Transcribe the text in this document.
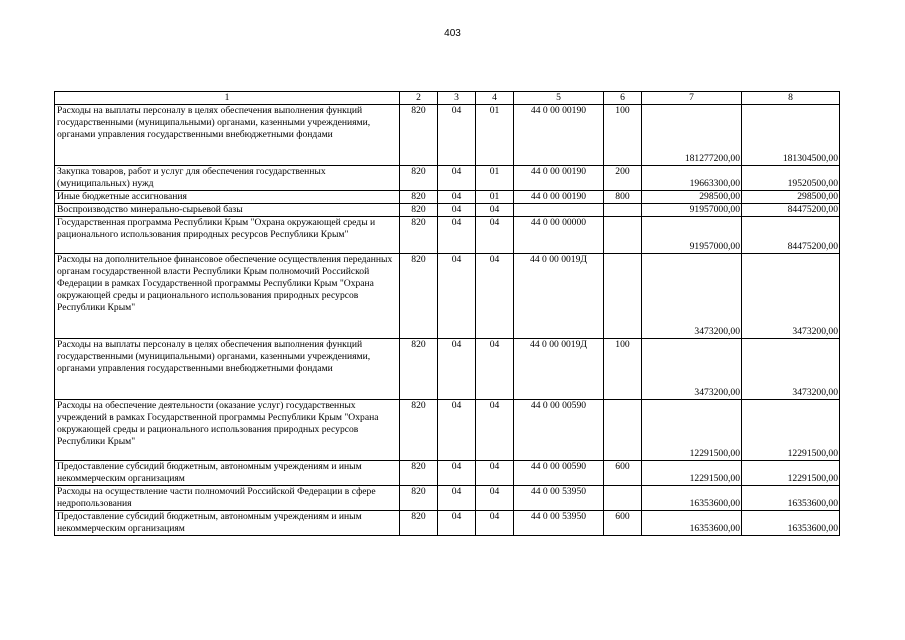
403
1	2	3	4	5	6	7	8
Расходы на выплаты персоналу в целях обеспечения выполнения функций государственными (муниципальными) органами, казенными учреждениями, органами управления государственными внебюджетными фондами	820	04	01	44 0 00 00190	100	181277200,00	181304500,00
Закупка товаров, работ и услуг для обеспечения государственных (муниципальных) нужд	820	04	01	44 0 00 00190	200	19663300,00	19520500,00
Иные бюджетные ассигнования	820	04	01	44 0 00 00190	800	298500,00	298500,00
Воспроизводство минерально-сырьевой базы	820	04	04			91957000,00	84475200,00
Государственная программа Республики Крым "Охрана окружающей среды и рационального использования природных ресурсов Республики Крым"	820	04	04	44 0 00 00000		91957000,00	84475200,00
Расходы на дополнительное финансовое обеспечение осуществления переданных органам государственной власти Республики Крым полномочий Российской Федерации в рамках Государственной программы Республики Крым "Охрана окружающей среды и рационального использования природных ресурсов Республики Крым"	820	04	04	44 0 00 0019Д		3473200,00	3473200,00
Расходы на выплаты персоналу в целях обеспечения выполнения функций государственными (муниципальными) органами, казенными учреждениями, органами управления государственными внебюджетными фондами	820	04	04	44 0 00 0019Д	100	3473200,00	3473200,00
Расходы на обеспечение деятельности (оказание услуг) государственных учреждений в рамках Государственной программы Республики Крым "Охрана окружающей среды и рационального использования природных ресурсов Республики Крым"	820	04	04	44 0 00 00590		12291500,00	12291500,00
Предоставление субсидий бюджетным, автономным учреждениям и иным некоммерческим организациям	820	04	04	44 0 00 00590	600	12291500,00	12291500,00
Расходы на осуществление части полномочий Российской Федерации в сфере недропользования	820	04	04	44 0 00 53950		16353600,00	16353600,00
Предоставление субсидий бюджетным, автономным учреждениям и иным некоммерческим организациям	820	04	04	44 0 00 53950	600	16353600,00	16353600,00
